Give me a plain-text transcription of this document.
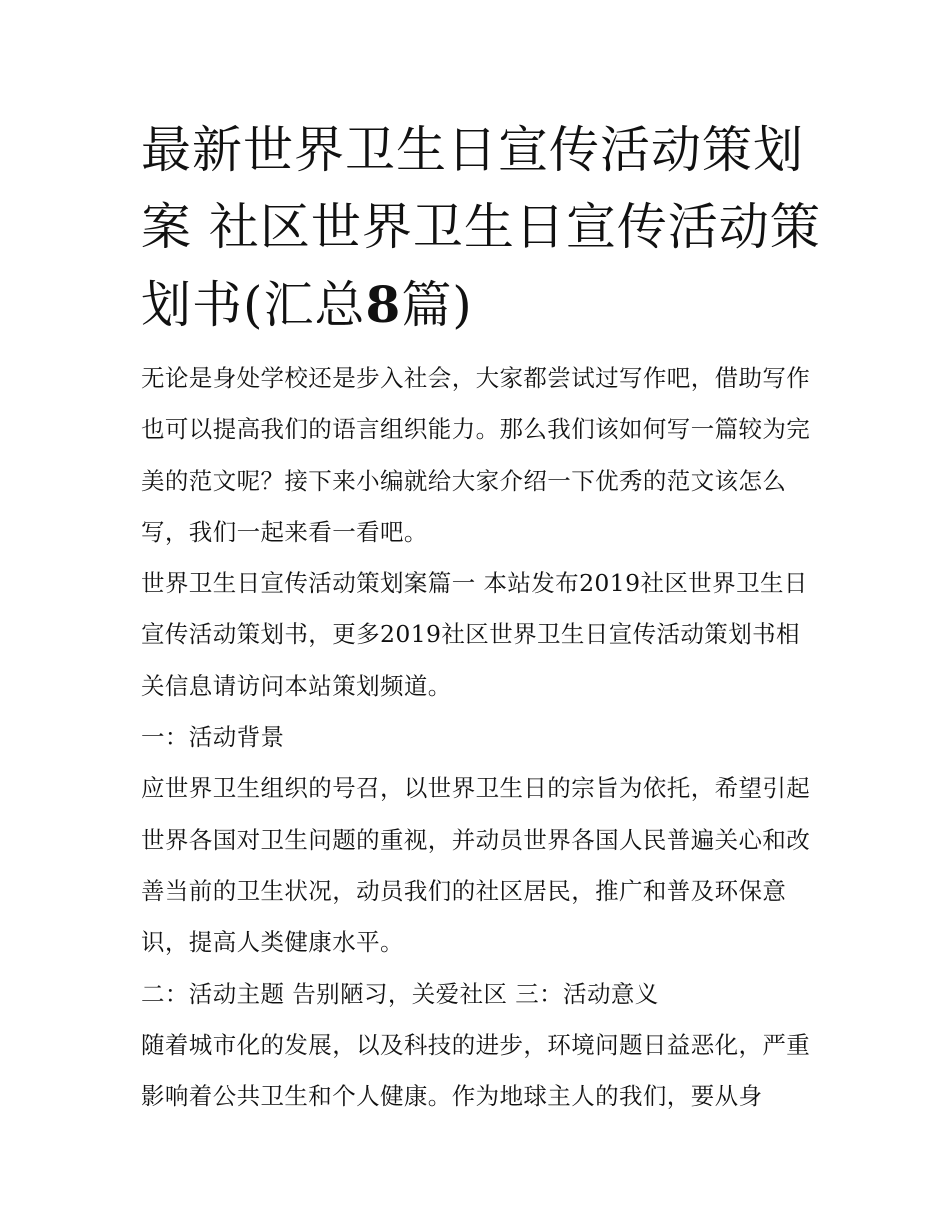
最新世界卫生日宣传活动策划
案 社区世界卫生日宣传活动策
划书(汇总8篇)

无论是身处学校还是步入社会，大家都尝试过写作吧，借助写作也可以提高我们的语言组织能力。那么我们该如何写一篇较为完美的范文呢？接下来小编就给大家介绍一下优秀的范文该怎么写，我们一起来看一看吧。

世界卫生日宣传活动策划案篇一 本站发布2019社区世界卫生日宣传活动策划书，更多2019社区世界卫生日宣传活动策划书相关信息请访问本站策划频道。

一：活动背景

应世界卫生组织的号召，以世界卫生日的宗旨为依托，希望引起世界各国对卫生问题的重视，并动员世界各国人民普遍关心和改善当前的卫生状况，动员我们的社区居民，推广和普及环保意识，提高人类健康水平。

二：活动主题 告别陋习，关爱社区 三：活动意义

随着城市化的发展，以及科技的进步，环境问题日益恶化，严重影响着公共卫生和个人健康。作为地球主人的我们，要从身
